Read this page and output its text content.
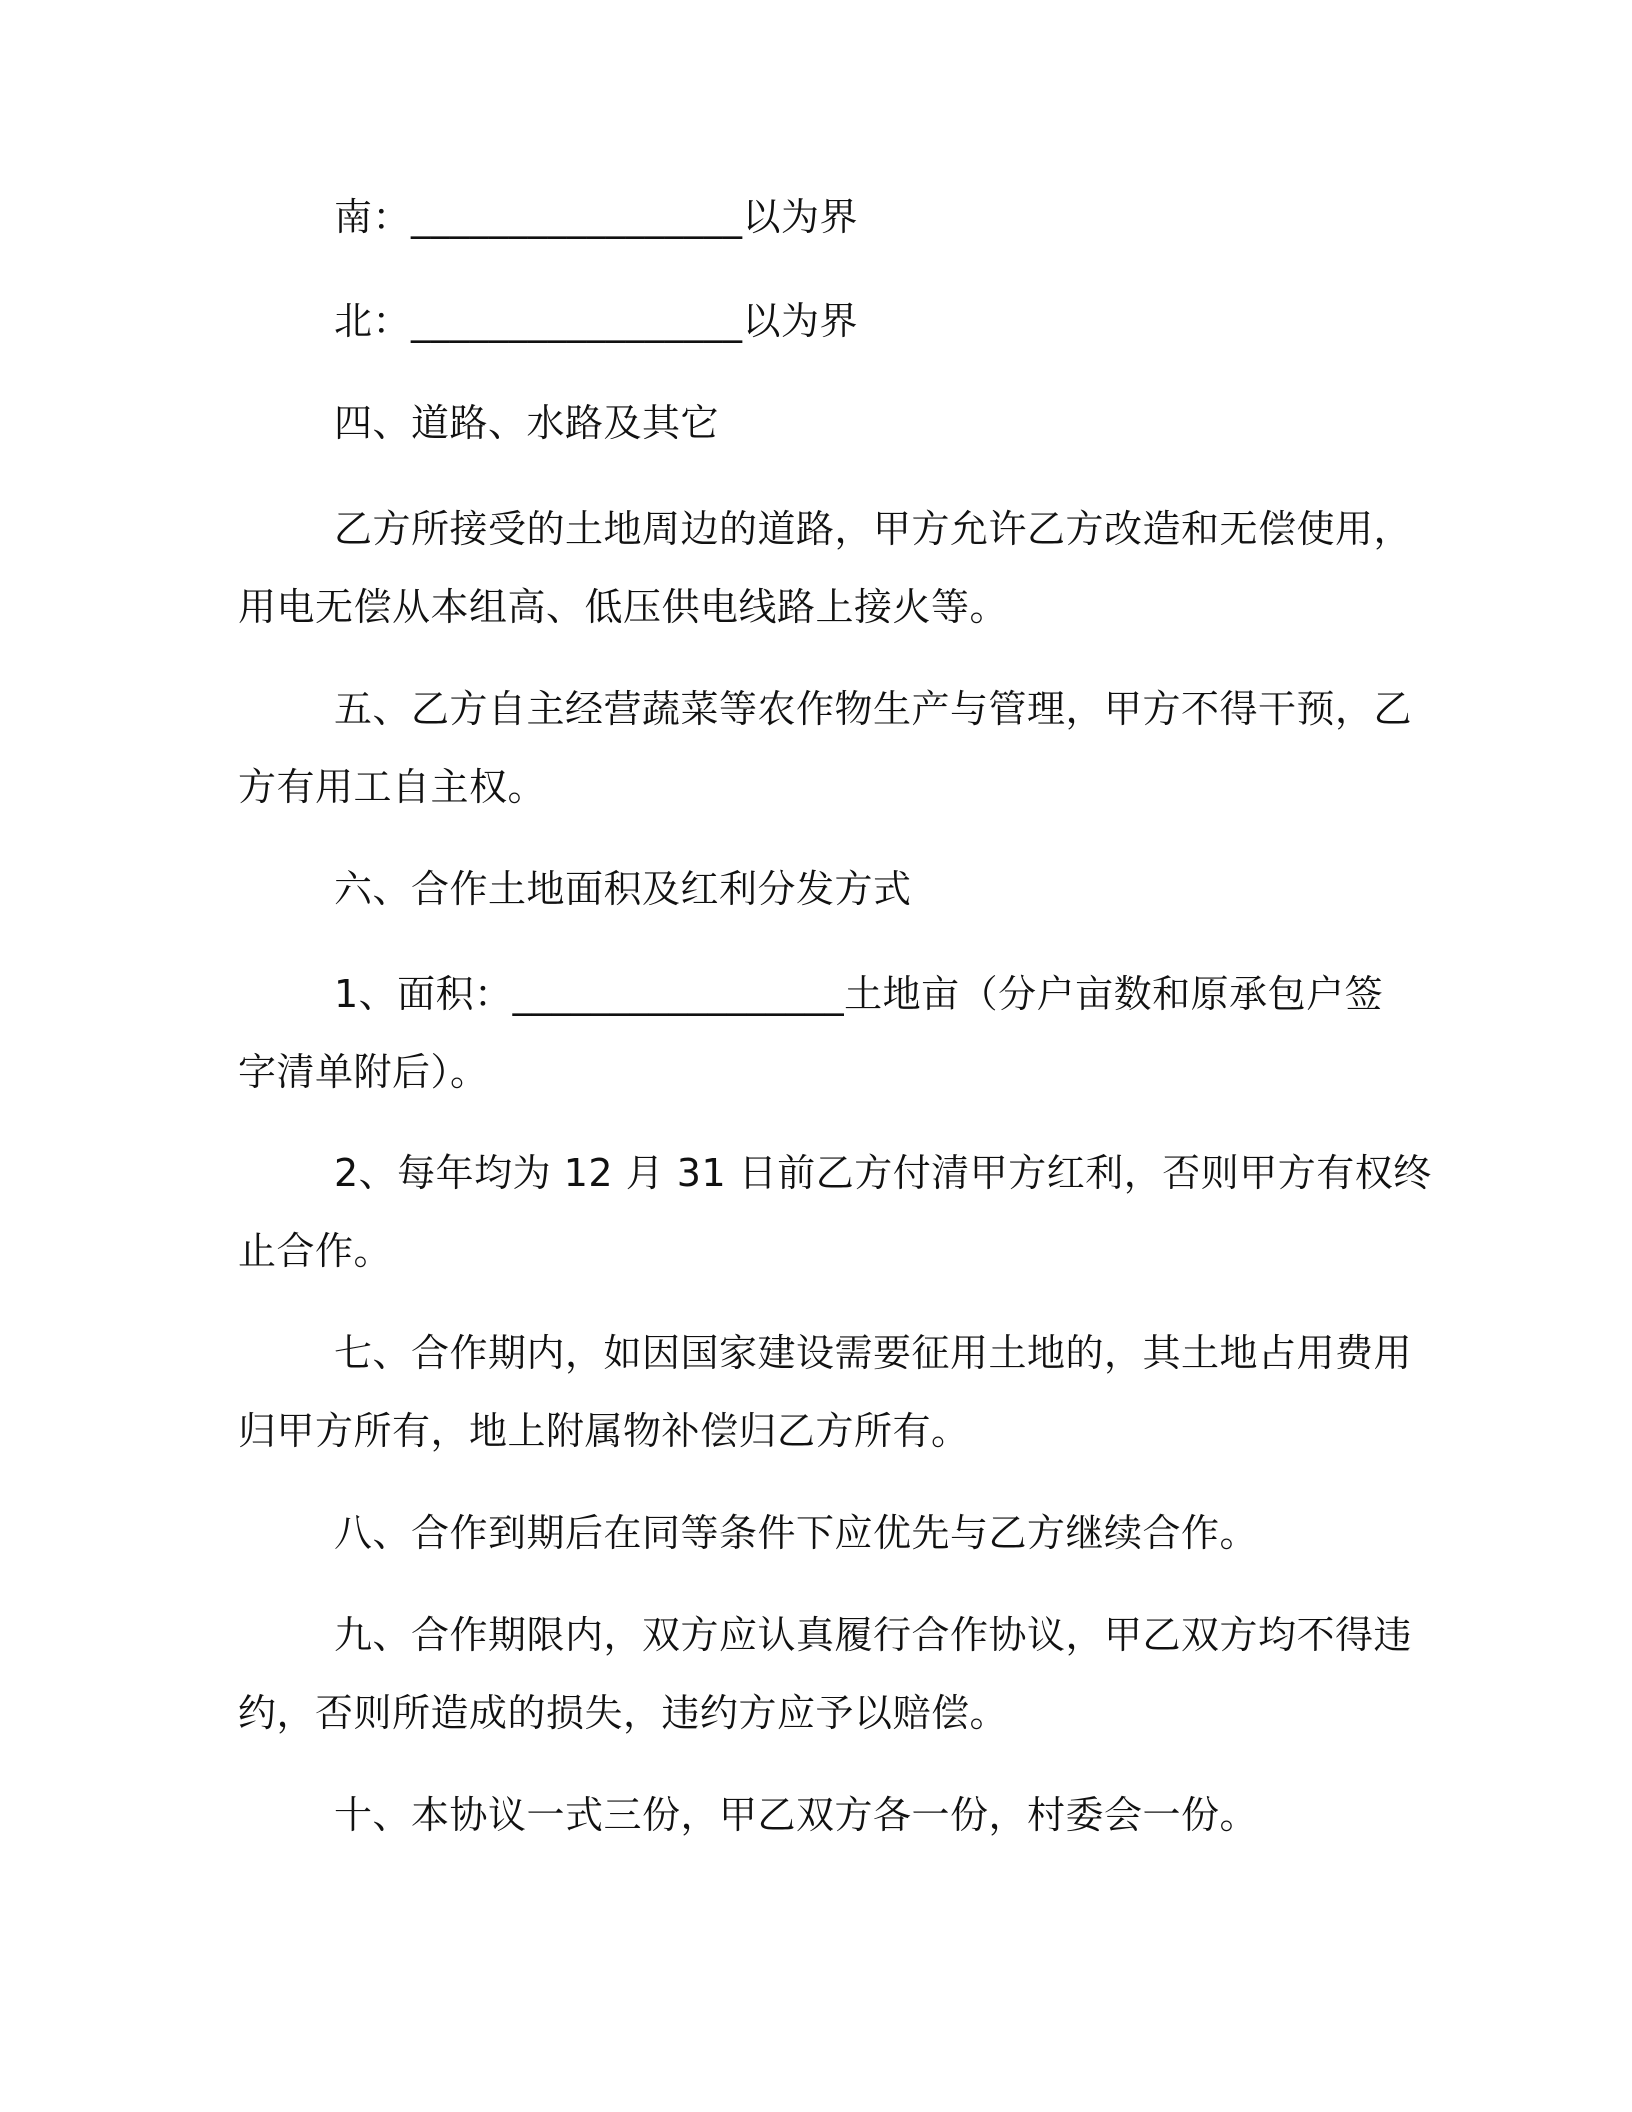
南：_________________以为界
北：_________________以为界
四、道路、水路及其它
乙方所接受的土地周边的道路，甲方允许乙方改造和无偿使用，
用电无偿从本组高、低压供电线路上接火等。
五、乙方自主经营蔬菜等农作物生产与管理，甲方不得干预，乙
方有用工自主权。
六、合作土地面积及红利分发方式
1、面积：_________________土地亩（分户亩数和原承包户签
字清单附后）。
2、每年均为 12 月 31 日前乙方付清甲方红利，否则甲方有权终
止合作。
七、合作期内，如因国家建设需要征用土地的，其土地占用费用
归甲方所有，地上附属物补偿归乙方所有。
八、合作到期后在同等条件下应优先与乙方继续合作。
九、合作期限内，双方应认真履行合作协议，甲乙双方均不得违
约，否则所造成的损失，违约方应予以赔偿。
十、本协议一式三份，甲乙双方各一份，村委会一份。
